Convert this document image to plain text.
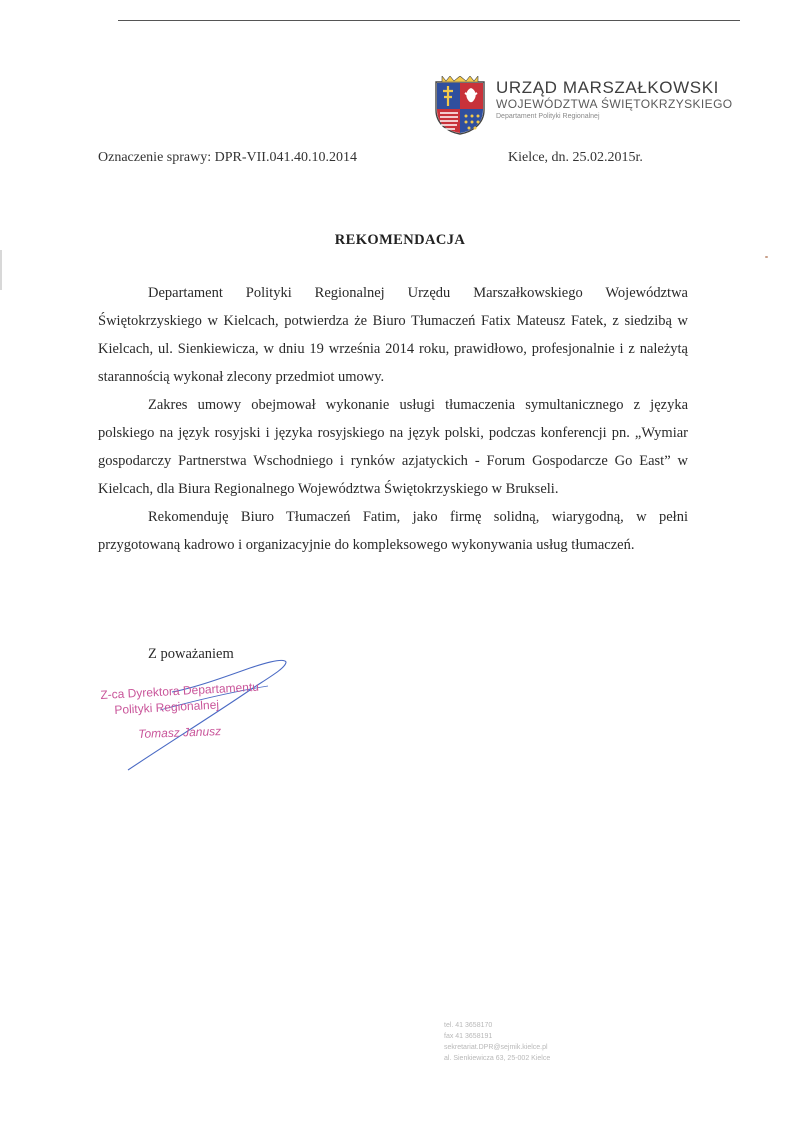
URZĄD MARSZAŁKOWSKI
WOJEWÓDZTWA ŚWIĘTOKRZYSKIEGO
Departament Polityki Regionalnej
Oznaczenie sprawy: DPR-VII.041.40.10.2014	Kielce, dn. 25.02.2015r.
REKOMENDACJA

Departament Polityki Regionalnej Urzędu Marszałkowskiego Województwa Świętokrzyskiego w Kielcach, potwierdza że Biuro Tłumaczeń Fatix Mateusz Fatek, z siedzibą w Kielcach, ul. Sienkiewicza, w dniu 19 września 2014 roku, prawidłowo, profesjonalnie i z należytą starannością wykonał zlecony przedmiot umowy.

Zakres umowy obejmował wykonanie usługi tłumaczenia symultanicznego z języka polskiego na język rosyjski i języka rosyjskiego na język polski, podczas konferencji pn. „Wymiar gospodarczy Partnerstwa Wschodniego i rynków azjatyckich - Forum Gospodarcze Go East” w Kielcach, dla Biura Regionalnego Województwa Świętokrzyskiego w Brukseli.

Rekomenduję Biuro Tłumaczeń Fatim, jako firmę solidną, wiarygodną, w pełni przygotowaną kadrowo i organizacyjnie do kompleksowego wykonywania usług tłumaczeń.

Z poważaniem
Z-ca Dyrektora Departamentu
Polityki Regionalnej
Tomasz Janusz
tel. 41 3658170
fax 41 3658191
sekretariat.DPR@sejmik.kielce.pl
al. Sienkiewicza 63, 25-002 Kielce
